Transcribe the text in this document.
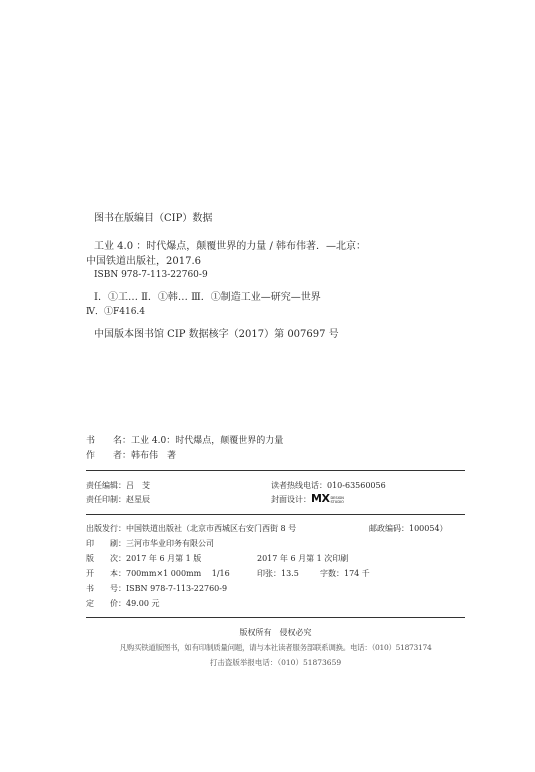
图书在版编目（CIP）数据
工业 4.0 ：时代爆点，颠覆世界的力量 / 韩布伟著．—北京：
中国铁道出版社，2017.6
ISBN 978-7-113-22760-9
Ⅰ．①工… Ⅱ．①韩… Ⅲ．①制造工业—研究—世界
Ⅳ．①F416.4
中国版本图书馆 CIP 数据核字（2017）第 007697 号
书　　名：工业 4.0：时代爆点，颠覆世界的力量
作　　者：韩布伟　著
责任编辑：吕　芠	读者热线电话：010-63560056
责任印制：赵星辰	封面设计：MXDESIGN STUDIO
出版发行：中国铁道出版社（北京市西城区右安门西街 8 号	邮政编码：100054）
印　　刷：三河市华业印务有限公司
版　　次：2017 年 6 月第 1 版	2017 年 6 月第 1 次印刷
开　　本：700mm×1 000mm　 1/16	印张：13.5	字数：174 千
书　　号：ISBN 978-7-113-22760-9
定　　价：49.00 元
版权所有　侵权必究
凡购买铁道版图书，如有印制质量问题，请与本社读者服务部联系调换。电话：（010）51873174
打击盗版举报电话：（010）51873659
